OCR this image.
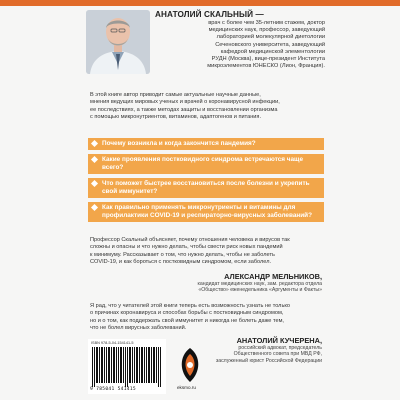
АНАТОЛИЙ СКАЛЬНЫЙ —
врач с более чем 35-летним стажем, доктор
медицинских наук, профессор, заведующий
лабораторией молекулярной диетологии
Сеченовского университета, заведующий
кафедрой медицинской элементологии
РУДН (Москва), вице-президент Института
микроэлементов ЮНЕСКО (Лион, Франция).
В этой книге автор приводит самые актуальные научные данные,
мнения ведущих мировых ученых и врачей о коронавирусной инфекции,
ее последствиях, а также методах защиты и восстановлении организма
с помощью микронутриентов, витаминов, адаптогенов и питания.
Почему возникла и когда закончится пандемия?
Какие проявления постковидного синдрома встречаются чаще всего?
Что поможет быстрее восстановиться после болезни и укрепить свой иммунитет?
Как правильно применять микронутриенты и витамины для профилактики COVID-19 и респираторно-вирусных заболеваний?
Профессор Скальный объясняет, почему отношения человека и вирусов так
сложны и опасны и что нужно делать, чтобы свести риск новых пандемий
к минимуму. Рассказывает о том, что нужно делать, чтобы не заболеть
COVID-19, и как бороться с постковидным синдромом, если заболел.
АЛЕКСАНДР МЕЛЬНИКОВ,
кандидат медицинских наук, зам. редактора отдела
«Общество» еженедельника «Аргументы и Факты»
Я рад, что у читателей этой книги теперь есть возможность узнать не только
о причинах коронавируса и способах борьбы с постковидным синдромом,
но и о том, как поддержать свой иммунитет и никогда не болеть даже тем,
что не болел вирусных заболеваний.
АНАТОЛИЙ КУЧЕРЕНА,
российский адвокат, председатель
Общественного совета при МВД РФ,
заслуженный юрист Российской Федерации
ISBN 978-5-04-154141-5
9 785041 541415	eksmo.ru
